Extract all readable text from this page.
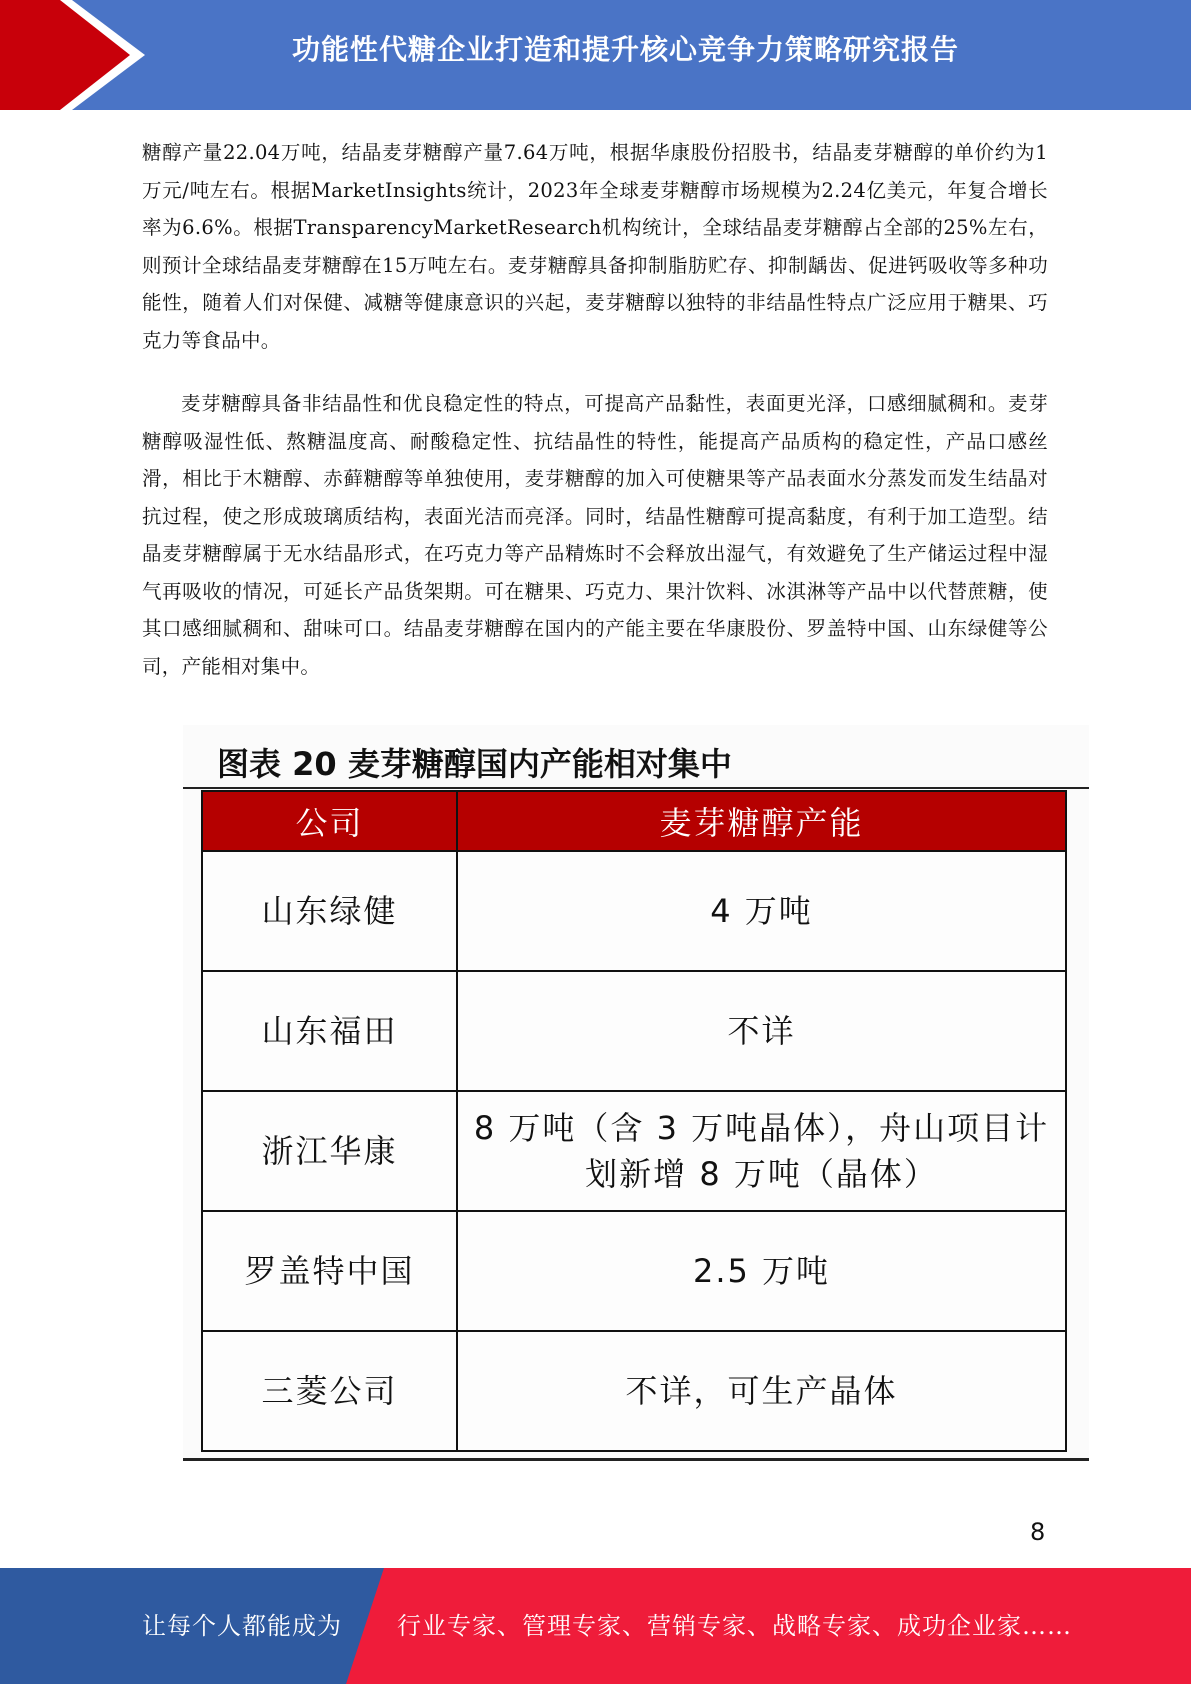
功能性代糖企业打造和提升核心竞争力策略研究报告

糖醇产量22.04万吨，结晶麦芽糖醇产量7.64万吨，根据华康股份招股书，结晶麦芽糖醇的单价约为1万元/吨左右。根据MarketInsights统计，2023年全球麦芽糖醇市场规模为2.24亿美元，年复合增长率为6.6%。根据TransparencyMarketResearch机构统计，全球结晶麦芽糖醇占全部的25%左右，则预计全球结晶麦芽糖醇在15万吨左右。麦芽糖醇具备抑制脂肪贮存、抑制龋齿、促进钙吸收等多种功能性，随着人们对保健、减糖等健康意识的兴起，麦芽糖醇以独特的非结晶性特点广泛应用于糖果、巧克力等食品中。

麦芽糖醇具备非结晶性和优良稳定性的特点，可提高产品黏性，表面更光泽，口感细腻稠和。麦芽糖醇吸湿性低、熬糖温度高、耐酸稳定性、抗结晶性的特性，能提高产品质构的稳定性，产品口感丝滑，相比于木糖醇、赤藓糖醇等单独使用，麦芽糖醇的加入可使糖果等产品表面水分蒸发而发生结晶对抗过程，使之形成玻璃质结构，表面光洁而亮泽。同时，结晶性糖醇可提高黏度，有利于加工造型。结晶麦芽糖醇属于无水结晶形式，在巧克力等产品精炼时不会释放出湿气，有效避免了生产储运过程中湿气再吸收的情况，可延长产品货架期。可在糖果、巧克力、果汁饮料、冰淇淋等产品中以代替蔗糖，使其口感细腻稠和、甜味可口。结晶麦芽糖醇在国内的产能主要在华康股份、罗盖特中国、山东绿健等公司，产能相对集中。

图表 20 麦芽糖醇国内产能相对集中
公司	麦芽糖醇产能
山东绿健	4 万吨
山东福田	不详
浙江华康	8 万吨（含 3 万吨晶体），舟山项目计划新增 8 万吨（晶体）
罗盖特中国	2.5 万吨
三菱公司	不详，可生产晶体
8
让每个人都能成为 行业专家、管理专家、营销专家、战略专家、成功企业家……
